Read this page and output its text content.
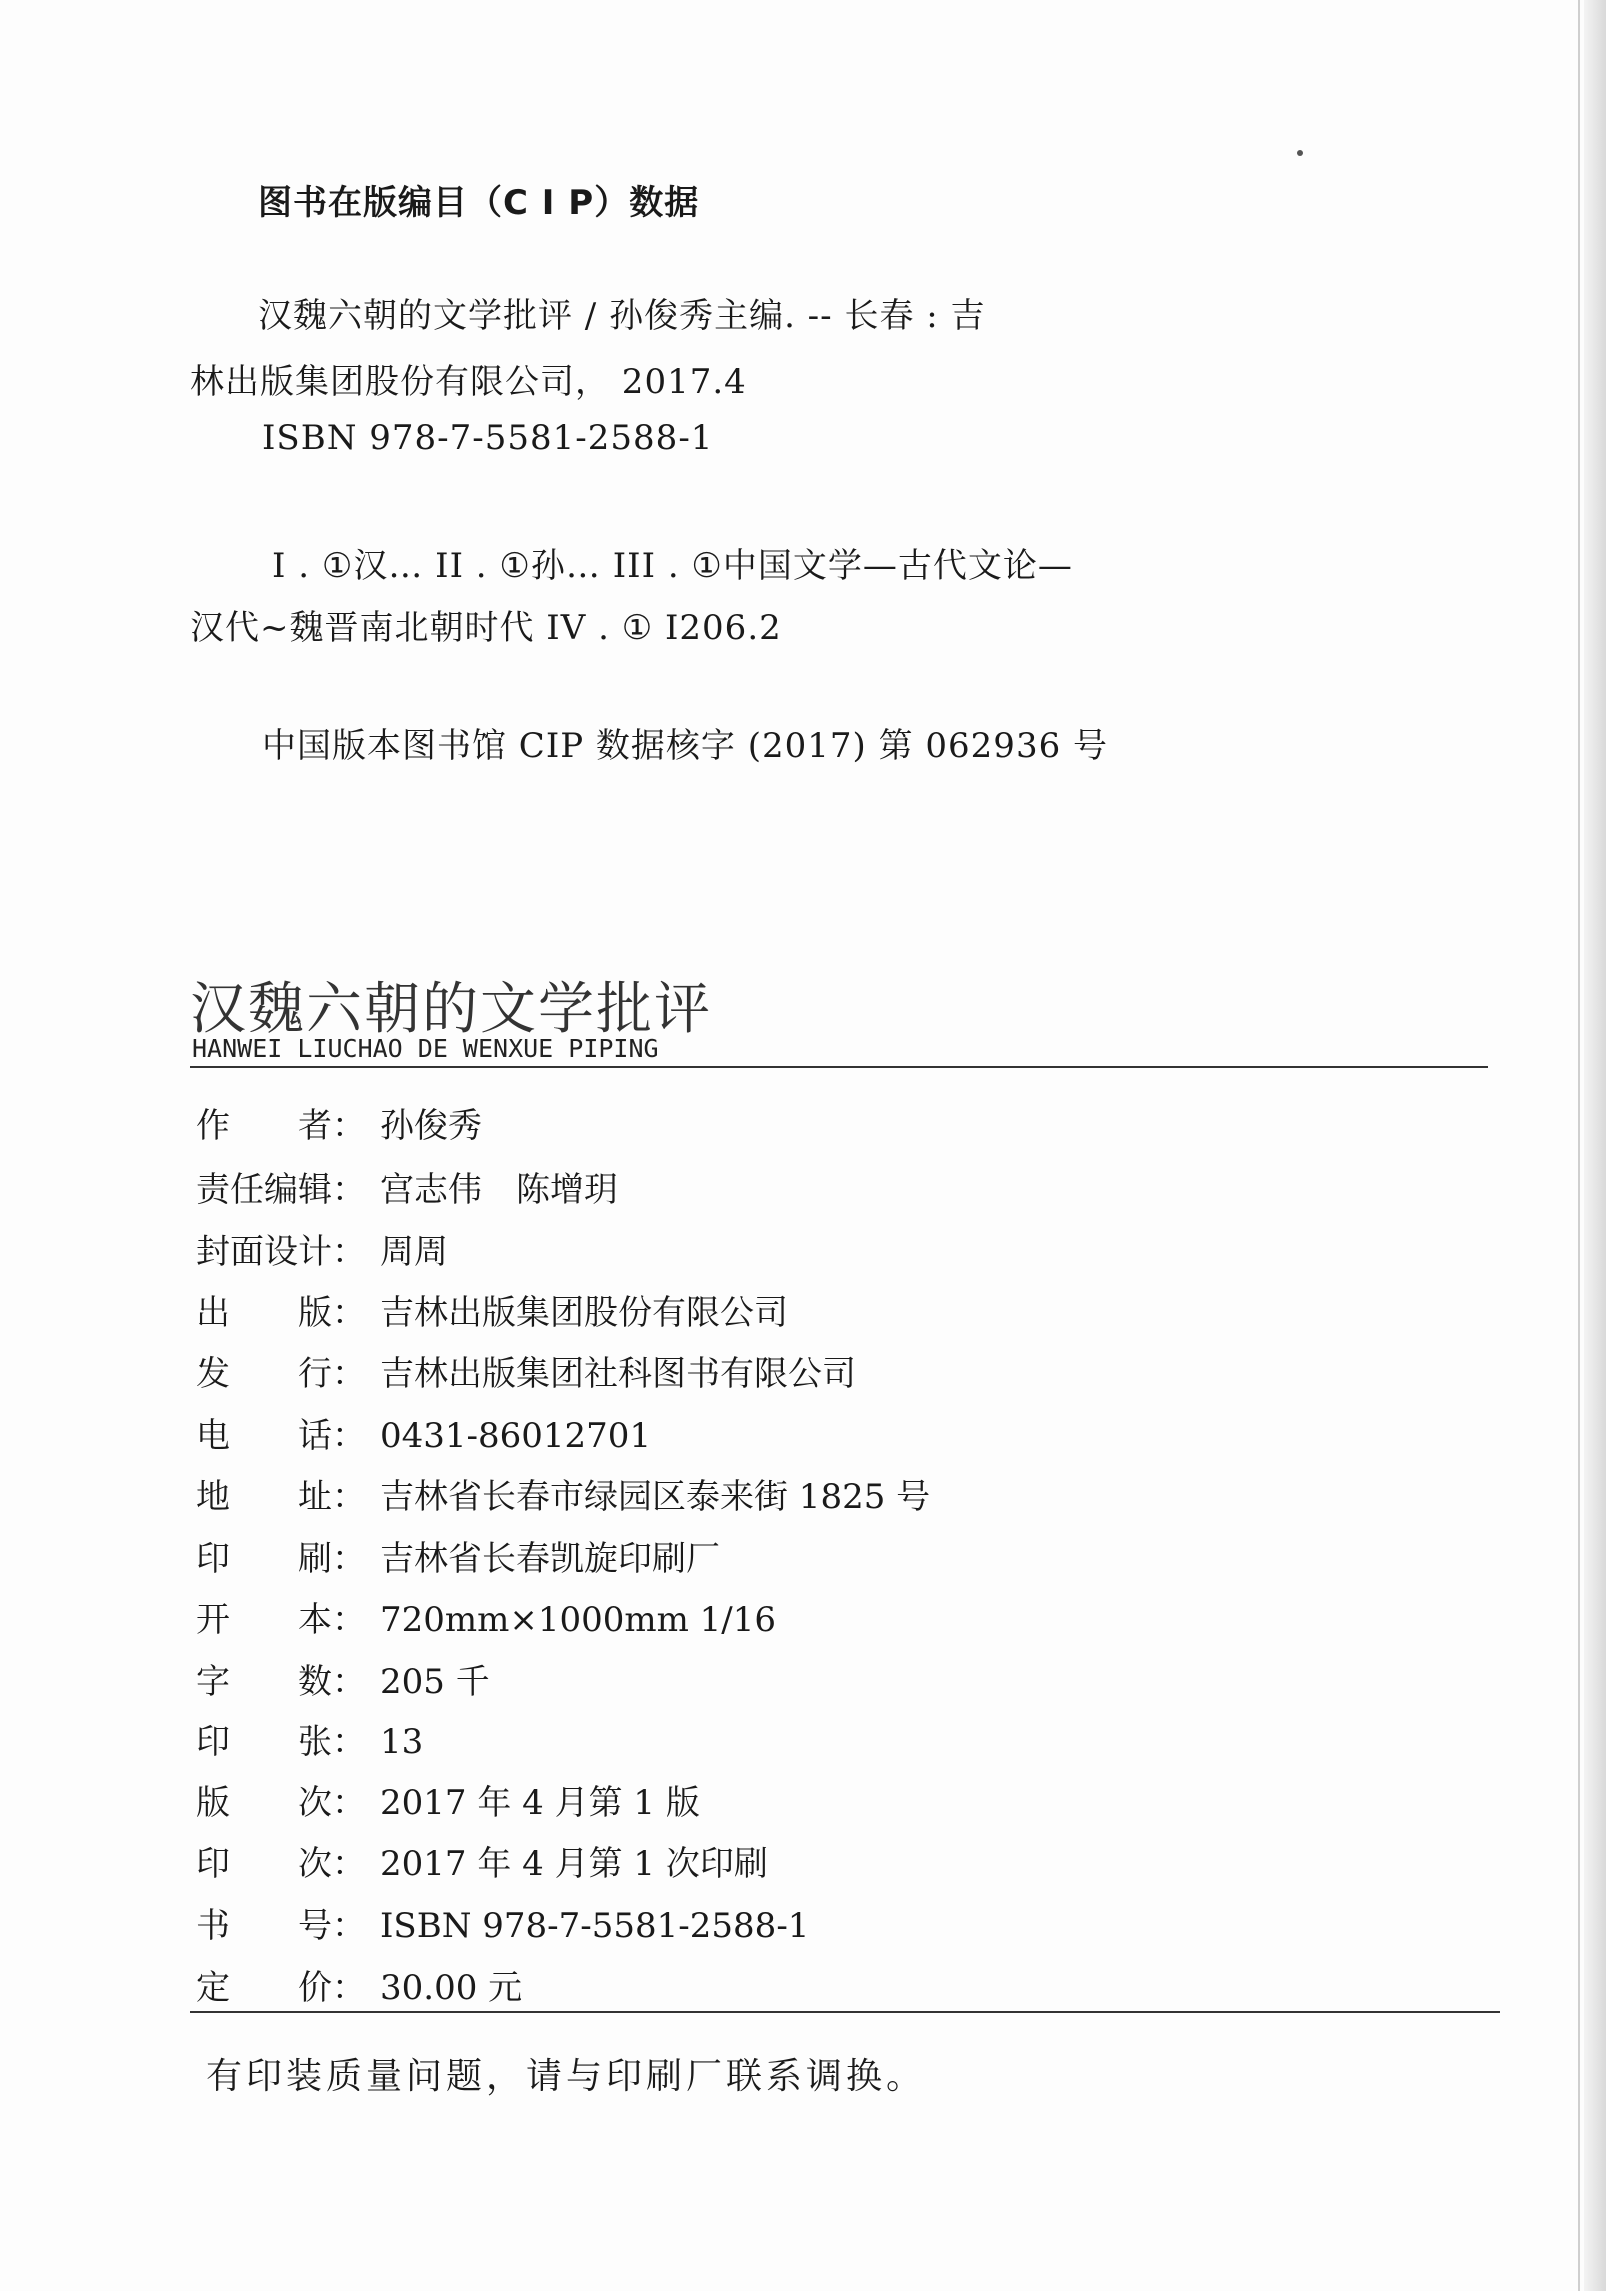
图书在版编目（C I P）数据
汉魏六朝的文学批评 / 孙俊秀主编. -- 长春 : 吉
林出版集团股份有限公司， 2017.4
ISBN 978-7-5581-2588-1
I . ①汉… II . ①孙… III . ①中国文学—古代文论—
汉代~魏晋南北朝时代 IV . ① I206.2
中国版本图书馆 CIP 数据核字 (2017) 第 062936 号
汉魏六朝的文学批评
HANWEI LIUCHAO DE WENXUE PIPING
作　　者： 孙俊秀
责任编辑： 宫志伟　陈增玥
封面设计： 周周
出　　版： 吉林出版集团股份有限公司
发　　行： 吉林出版集团社科图书有限公司
电　　话： 0431-86012701
地　　址： 吉林省长春市绿园区泰来街 1825 号
印　　刷： 吉林省长春凯旋印刷厂
开　　本： 720mm×1000mm 1/16
字　　数： 205 千
印　　张： 13
版　　次： 2017 年 4 月第 1 版
印　　次： 2017 年 4 月第 1 次印刷
书　　号： ISBN 978-7-5581-2588-1
定　　价： 30.00 元
有印装质量问题，请与印刷厂联系调换。
